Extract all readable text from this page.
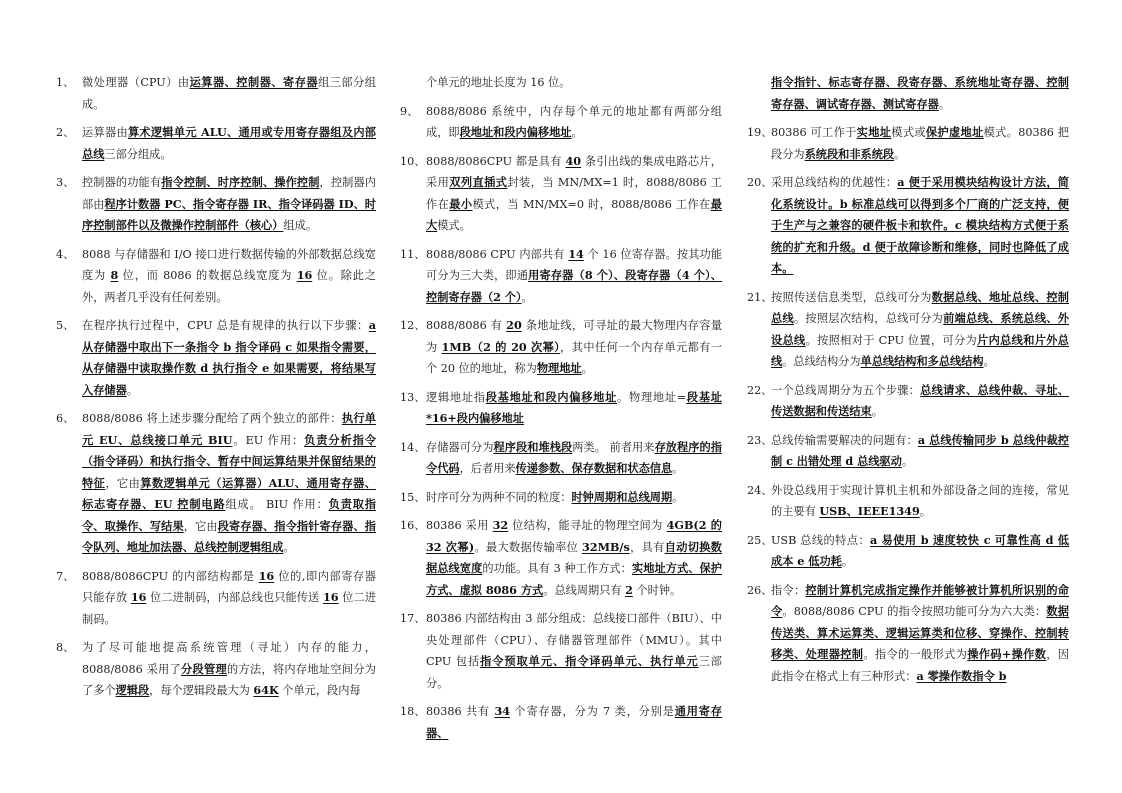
1、 微处理器（CPU）由运算器、控制器、寄存器组三部分组成。
2、 运算器由算术逻辑单元 ALU、通用或专用寄存器组及内部总线三部分组成。
3、 控制器的功能有指令控制、时序控制、操作控制，控制器内部由程序计数器 PC、指令寄存器 IR、指令译码器 ID、时序控制部件以及微操作控制部件（核心）组成。
4、 8088 与存储器和 I/O 接口进行数据传输的外部数据总线宽度为 8 位，而 8086 的数据总线宽度为 16 位。除此之外，两者几乎没有任何差别。
5、 在程序执行过程中，CPU 总是有规律的执行以下步骤：a 从存储器中取出下一条指令 b 指令译码 c 如果指令需要，从存储器中读取操作数 d 执行指令 e 如果需要，将结果写入存储器。
6、 8088/8086 将上述步骤分配给了两个独立的部件：执行单元 EU、总线接口单元 BIU。EU 作用：负责分析指令（指令译码）和执行指令、暂存中间运算结果并保留结果的特征，它由算数逻辑单元（运算器）ALU、通用寄存器、标志寄存器、EU 控制电路组成。 BIU 作用：负责取指令、取操作、写结果，它由段寄存器、指令指针寄存器、指令队列、地址加法器、总线控制逻辑组成。
7、 8088/8086CPU 的内部结构都是 16 位的,即内部寄存器只能存放 16 位二进制码，内部总线也只能传送 16 位二进制码。
8、 为了尽可能地提高系统管理（寻址）内存的能力，8088/8086 采用了分段管理的方法，将内存地址空间分为了多个逻辑段，每个逻辑段最大为 64K 个单元，段内每
个单元的地址长度为 16 位。
9、 8088/8086 系统中，内存每个单元的地址都有两部分组成，即段地址和段内偏移地址。
10、 8088/8086CPU 都是具有 40 条引出线的集成电路芯片，采用双列直插式封装，当 MN/MX=1 时，8088/8086 工作在最小模式，当 MN/MX=0 时，8088/8086 工作在最大模式。
11、 8088/8086 CPU 内部共有 14 个 16 位寄存器。按其功能可分为三大类，即通用寄存器（8 个）、段寄存器（4 个）、控制寄存器（2 个）。
12、 8088/8086 有 20 条地址线，可寻址的最大物理内存容量为 1MB（2 的 20 次幂），其中任何一个内存单元都有一个 20 位的地址，称为物理地址。
13、 逻辑地址指段基地址和段内偏移地址。物理地址=段基址*16+段内偏移地址
14、 存储器可分为程序段和堆栈段两类。 前者用来存放程序的指令代码，后者用来传递参数、保存数据和状态信息。
15、 时序可分为两种不同的粒度：时钟周期和总线周期。
16、 80386 采用 32 位结构，能寻址的物理空间为 4GB(2 的 32 次幂)。最大数据传输率位 32MB/s，具有自动切换数据总线宽度的功能。具有 3 种工作方式：实地址方式、保护方式、虚拟 8086 方式。总线周期只有 2 个时钟。
17、 80386 内部结构由 3 部分组成：总线接口部件（BIU）、中央处理部件（CPU）、存储器管理部件（MMU）。其中 CPU 包括指令预取单元、指令译码单元、执行单元三部分。
18、 80386 共有 34 个寄存器，分为 7 类，分别是通用寄存器、
指令指针、标志寄存器、段寄存器、系统地址寄存器、控制寄存器、调试寄存器、测试寄存器。
19、
80386 可工作于实地址模式或保护虚地址模式。80386 把段分为系统段和非系统段。
20、
采用总线结构的优越性：a 便于采用模块结构设计方法，简化系统设计。b 标准总线可以得到多个厂商的广泛支持，便于生产与之兼容的硬件板卡和软件。c 模块结构方式便于系统的扩充和升级。d 便于故障诊断和维修，同时也降低了成本。
21、
按照传送信息类型，总线可分为数据总线、地址总线、控制总线。按照层次结构，总线可分为前端总线、系统总线、外设总线。按照相对于 CPU 位置，可分为片内总线和片外总线。总线结构分为单总线结构和多总线结构。
22、
一个总线周期分为五个步骤：总线请求、总线仲裁、寻址、传送数据和传送结束。
23、
总线传输需要解决的问题有：a 总线传输同步 b 总线仲裁控制 c 出错处理 d 总线驱动。
24、
外设总线用于实现计算机主机和外部设备之间的连接，常见的主要有 USB、IEEE1349。
25、
USB 总线的特点：a 易使用 b 速度较快 c 可靠性高 d 低成本 e 低功耗。
26、
指令：控制计算机完成指定操作并能够被计算机所识别的命令。8088/8086 CPU 的指令按照功能可分为六大类：数据传送类、算术运算类、逻辑运算类和位移、穿操作、控制转移类、处理器控制。指令的一般形式为操作码+操作数，因此指令在格式上有三种形式：a 零操作数指令 b
